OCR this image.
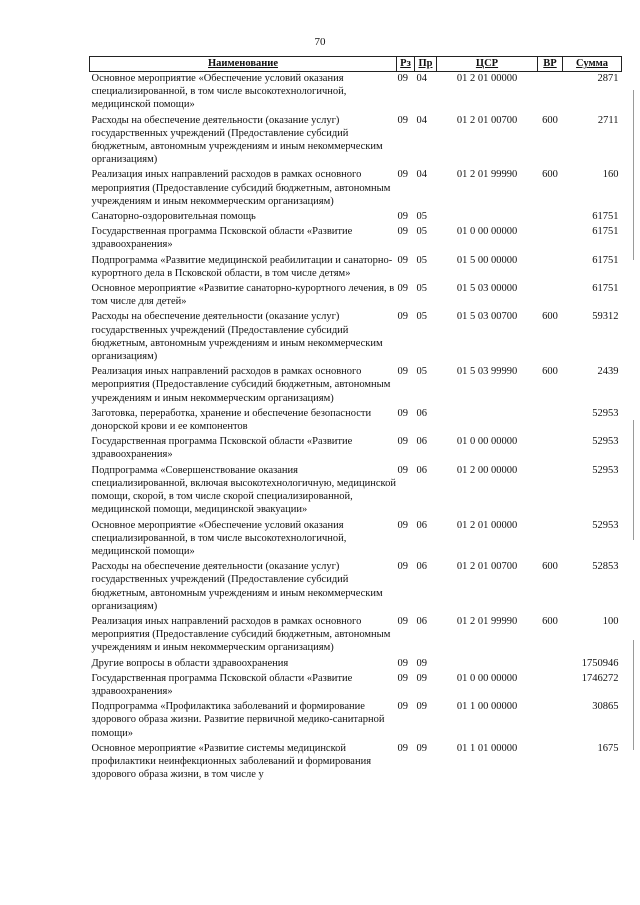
70
Наименование	Рз	Пр	ЦСР	ВР	Сумма
Основное мероприятие «Обеспечение условий оказания специализированной, в том числе высокотехнологичной, медицинской помощи»	09	04	01 2 01 00000		2871
Расходы на обеспечение деятельности (оказание услуг) государственных учреждений (Предоставление субсидий бюджетным, автономным учреждениям и иным некоммерческим организациям)	09	04	01 2 01 00700	600	2711
Реализация иных направлений расходов в рамках основного мероприятия (Предоставление субсидий бюджетным, автономным учреждениям и иным некоммерческим организациям)	09	04	01 2 01 99990	600	160
Санаторно-оздоровительная помощь	09	05			61751
Государственная программа Псковской области «Развитие здравоохранения»	09	05	01 0 00 00000		61751
Подпрограмма «Развитие медицинской реабилитации и санаторно-курортного дела в Псковской области, в том числе детям»	09	05	01 5 00 00000		61751
Основное мероприятие «Развитие санаторно-курортного лечения, в том числе для детей»	09	05	01 5 03 00000		61751
Расходы на обеспечение деятельности (оказание услуг) государственных учреждений (Предоставление субсидий бюджетным, автономным учреждениям и иным некоммерческим организациям)	09	05	01 5 03 00700	600	59312
Реализация иных направлений расходов в рамках основного мероприятия (Предоставление субсидий бюджетным, автономным учреждениям и иным некоммерческим организациям)	09	05	01 5 03 99990	600	2439
Заготовка, переработка, хранение и обеспечение безопасности донорской крови и ее компонентов	09	06			52953
Государственная программа Псковской области «Развитие здравоохранения»	09	06	01 0 00 00000		52953
Подпрограмма «Совершенствование оказания специализированной, включая высокотехнологичную, медицинской помощи, скорой, в том числе скорой специализированной, медицинской помощи, медицинской эвакуации»	09	06	01 2 00 00000		52953
Основное мероприятие «Обеспечение условий оказания специализированной, в том числе высокотехнологичной, медицинской помощи»	09	06	01 2 01 00000		52953
Расходы на обеспечение деятельности (оказание услуг) государственных учреждений (Предоставление субсидий бюджетным, автономным учреждениям и иным некоммерческим организациям)	09	06	01 2 01 00700	600	52853
Реализация иных направлений расходов в рамках основного мероприятия (Предоставление субсидий бюджетным, автономным учреждениям и иным некоммерческим организациям)	09	06	01 2 01 99990	600	100
Другие вопросы в области здравоохранения	09	09			1750946
Государственная программа Псковской области «Развитие здравоохранения»	09	09	01 0 00 00000		1746272
Подпрограмма «Профилактика заболеваний и формирование здорового образа жизни. Развитие первичной медико-санитарной помощи»	09	09	01 1 00 00000		30865
Основное мероприятие «Развитие системы медицинской профилактики неинфекционных заболеваний и формирования здорового образа жизни, в том числе у	09	09	01 1 01 00000		1675
